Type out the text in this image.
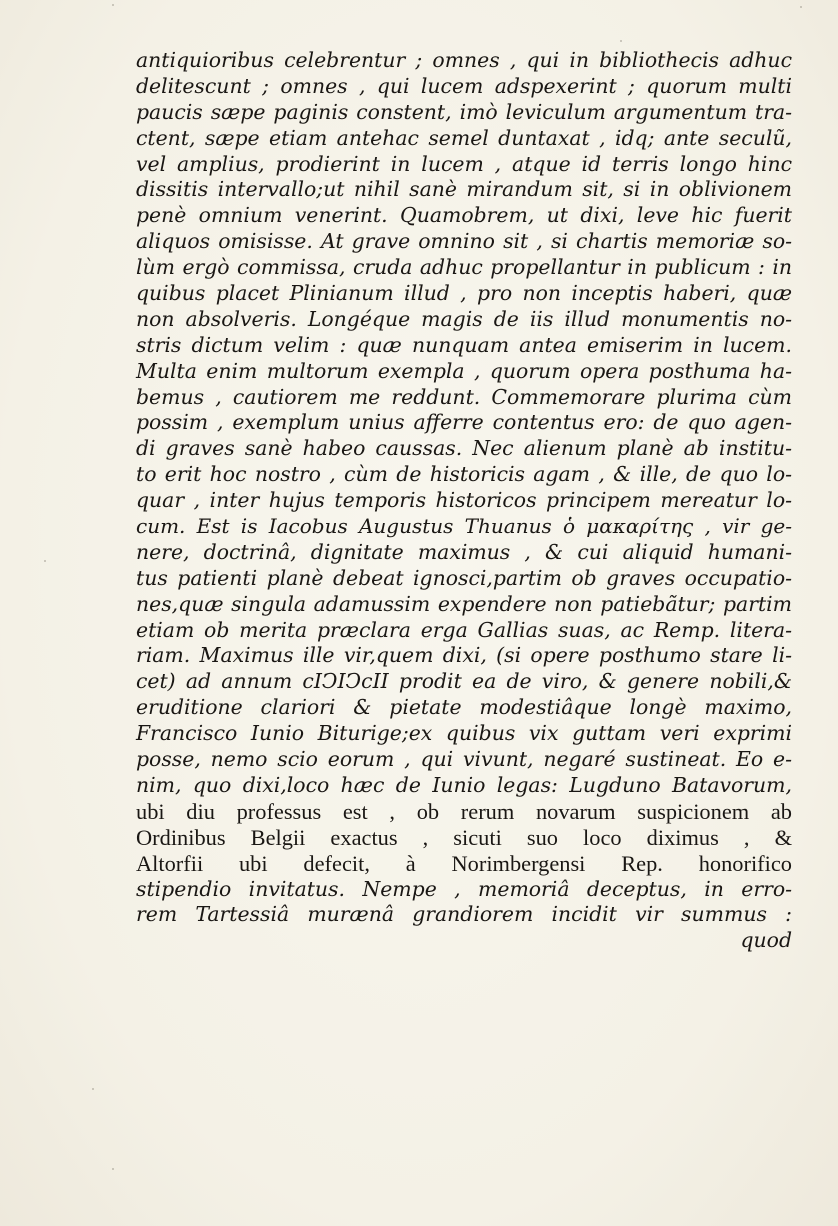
antiquioribus celebrentur ; omnes , qui in bibliothecis adhuc
delitescunt ; omnes , qui lucem adspexerint ; quorum multi
paucis sæpe paginis constent, imò leviculum argumentum tra-
ctent, sæpe etiam antehac semel duntaxat , idq; ante seculũ,
vel amplius, prodierint in lucem , atque id terris longo hinc
dissitis intervallo;ut nihil sanè mirandum sit, si in oblivionem
penè omnium venerint. Quamobrem, ut dixi, leve hic fuerit
aliquos omisisse. At grave omnino sit , si chartis memoriæ so-
lùm ergò commissa, cruda adhuc propellantur in publicum : in
quibus placet Plinianum illud , pro non inceptis haberi, quæ
non absolveris. Longéque magis de iis illud monumentis no-
stris dictum velim : quæ nunquam antea emiserim in lucem.
Multa enim multorum exempla , quorum opera posthuma ha-
bemus , cautiorem me reddunt. Commemorare plurima cùm
possim , exemplum unius afferre contentus ero: de quo agen-
di graves sanè habeo caussas. Nec alienum planè ab institu-
to erit hoc nostro , cùm de historicis agam , & ille, de quo lo-
quar , inter hujus temporis historicos principem mereatur lo-
cum. Est is Iacobus Augustus Thuanus ὁ μακαρίτης , vir ge-
nere, doctrinâ, dignitate maximus , & cui aliquid humani-
tus patienti planè debeat ignosci,partim ob graves occupatio-
nes,quæ singula adamussim expendere non patiebãtur; partim
etiam ob merita præclara erga Gallias suas, ac Remp. litera-
riam. Maximus ille vir,quem dixi, (si opere posthumo stare li-
cet) ad annum cIↃIↃcII prodit ea de viro, & genere nobili,&
eruditione clariori & pietate modestiâque longè maximo,
Francisco Iunio Biturige;ex quibus vix guttam veri exprimi
posse, nemo scio eorum , qui vivunt, negaré sustineat. Eo e-
nim, quo dixi,loco hæc de Iunio legas: Lugduno Batavorum,
ubi diu professus est , ob rerum novarum suspicionem ab
Ordinibus Belgii exactus , sicuti suo loco diximus , &
Altorfii ubi defecit, à Norimbergensi Rep. honorifico
stipendio invitatus. Nempe , memoriâ deceptus, in erro-
rem Tartessiâ murænâ grandiorem incidit vir summus :
quod
